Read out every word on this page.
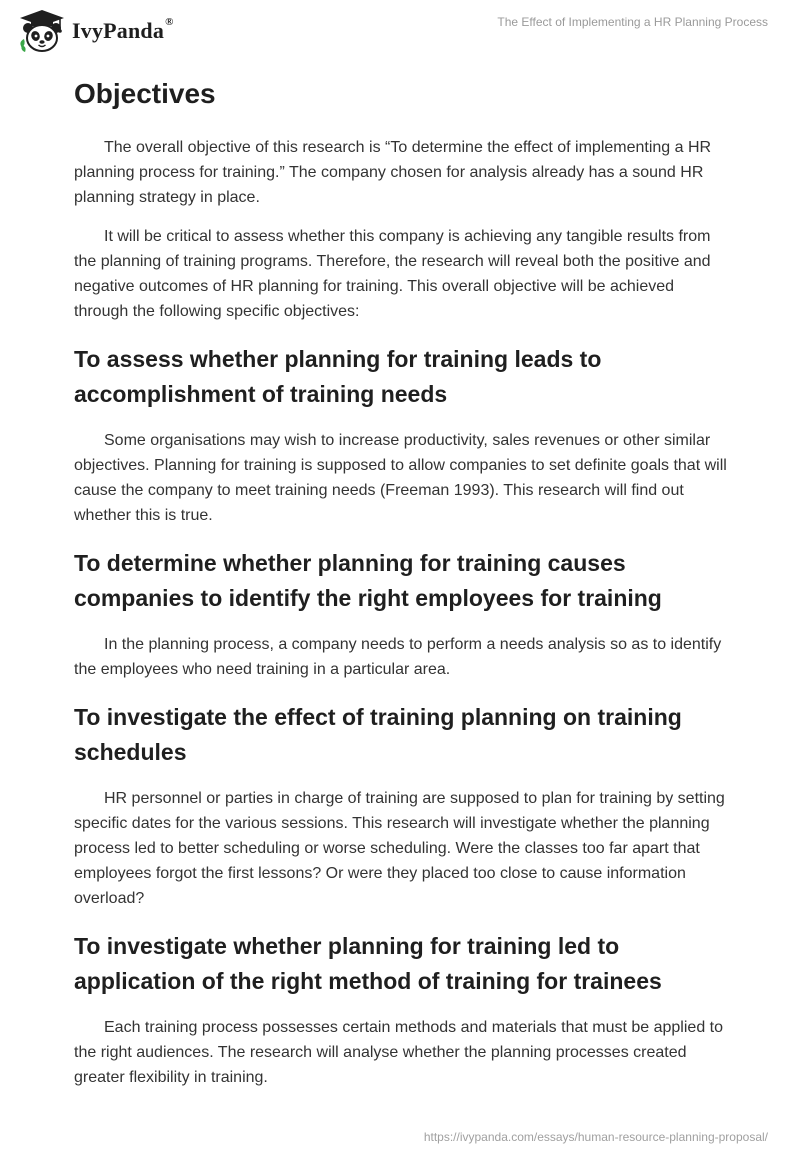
IvyPanda®	The Effect of Implementing a HR Planning Process
Objectives

The overall objective of this research is “To determine the effect of implementing a HR planning process for training.” The company chosen for analysis already has a sound HR planning strategy in place.

It will be critical to assess whether this company is achieving any tangible results from the planning of training programs. Therefore, the research will reveal both the positive and negative outcomes of HR planning for training. This overall objective will be achieved through the following specific objectives:

To assess whether planning for training leads to accomplishment of training needs

Some organisations may wish to increase productivity, sales revenues or other similar objectives. Planning for training is supposed to allow companies to set definite goals that will cause the company to meet training needs (Freeman 1993). This research will find out whether this is true.

To determine whether planning for training causes companies to identify the right employees for training

In the planning process, a company needs to perform a needs analysis so as to identify the employees who need training in a particular area.

To investigate the effect of training planning on training schedules

HR personnel or parties in charge of training are supposed to plan for training by setting specific dates for the various sessions. This research will investigate whether the planning process led to better scheduling or worse scheduling. Were the classes too far apart that employees forgot the first lessons? Or were they placed too close to cause information overload?

To investigate whether planning for training led to application of the right method of training for trainees

Each training process possesses certain methods and materials that must be applied to the right audiences. The research will analyse whether the planning processes created greater flexibility in training.

https://ivypanda.com/essays/human-resource-planning-proposal/
